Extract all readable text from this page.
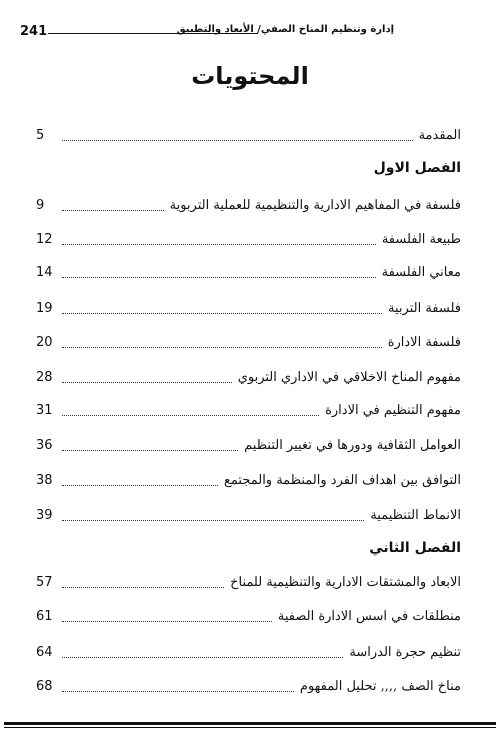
241	إدارة وتنظيم المناخ الصفي/ الأبعاد والتطبيق
المحتويات
المقدمة
5
الفصل الاول
فلسفة في المفاهيم الادارية والتنظيمية للعملية التربوية
9
طبيعة الفلسفة
12
معاني الفلسفة
14
فلسفة التربية
19
فلسفة الادارة
20
مفهوم المناخ الاخلاقي في الاداري التربوي
28
مفهوم التنظيم في الادارة
31
العوامل الثقافية ودورها في تغيير التنظيم
36
التوافق بين اهداف الفرد والمنظمة والمجتمع
38
الانماط التنظيمية
39
الفصل الثاني
الابعاد والمشتقات الادارية والتنظيمية للمناخ
57
منطلقات في اسس الادارة الصفية
61
تنظيم حجرة الدراسة
64
مناخ الصف ,,,, تحليل المفهوم
68
